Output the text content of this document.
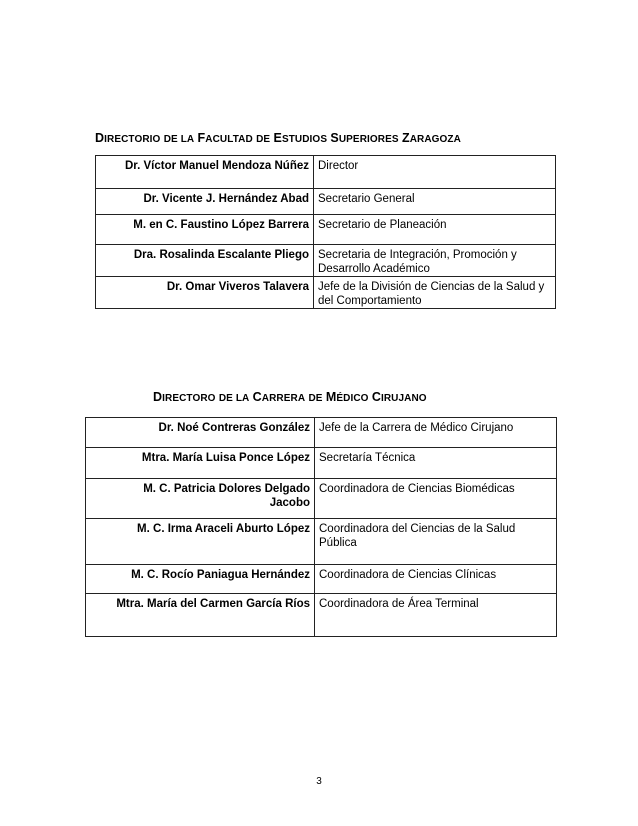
DIRECTORIO DE LA FACULTAD DE ESTUDIOS SUPERIORES ZARAGOZA
Dr. Víctor Manuel Mendoza Núñez	Director
Dr. Vicente J. Hernández Abad	Secretario General
M. en C. Faustino López Barrera	Secretario de Planeación
Dra. Rosalinda Escalante Pliego	Secretaria de Integración, Promoción y Desarrollo Académico
Dr. Omar Viveros Talavera	Jefe de la División de Ciencias de la Salud y del Comportamiento
DIRECTORO DE LA CARRERA DE MÉDICO CIRUJANO
Dr. Noé Contreras González	Jefe de la Carrera de Médico Cirujano
Mtra. María Luisa Ponce López	Secretaría Técnica
M. C. Patricia Dolores Delgado Jacobo	Coordinadora de Ciencias Biomédicas
M. C. Irma Araceli Aburto López	Coordinadora del Ciencias de la Salud Pública
M. C. Rocío Paniagua Hernández	Coordinadora de Ciencias Clínicas
Mtra. María del Carmen García Ríos	Coordinadora de Área Terminal
3
